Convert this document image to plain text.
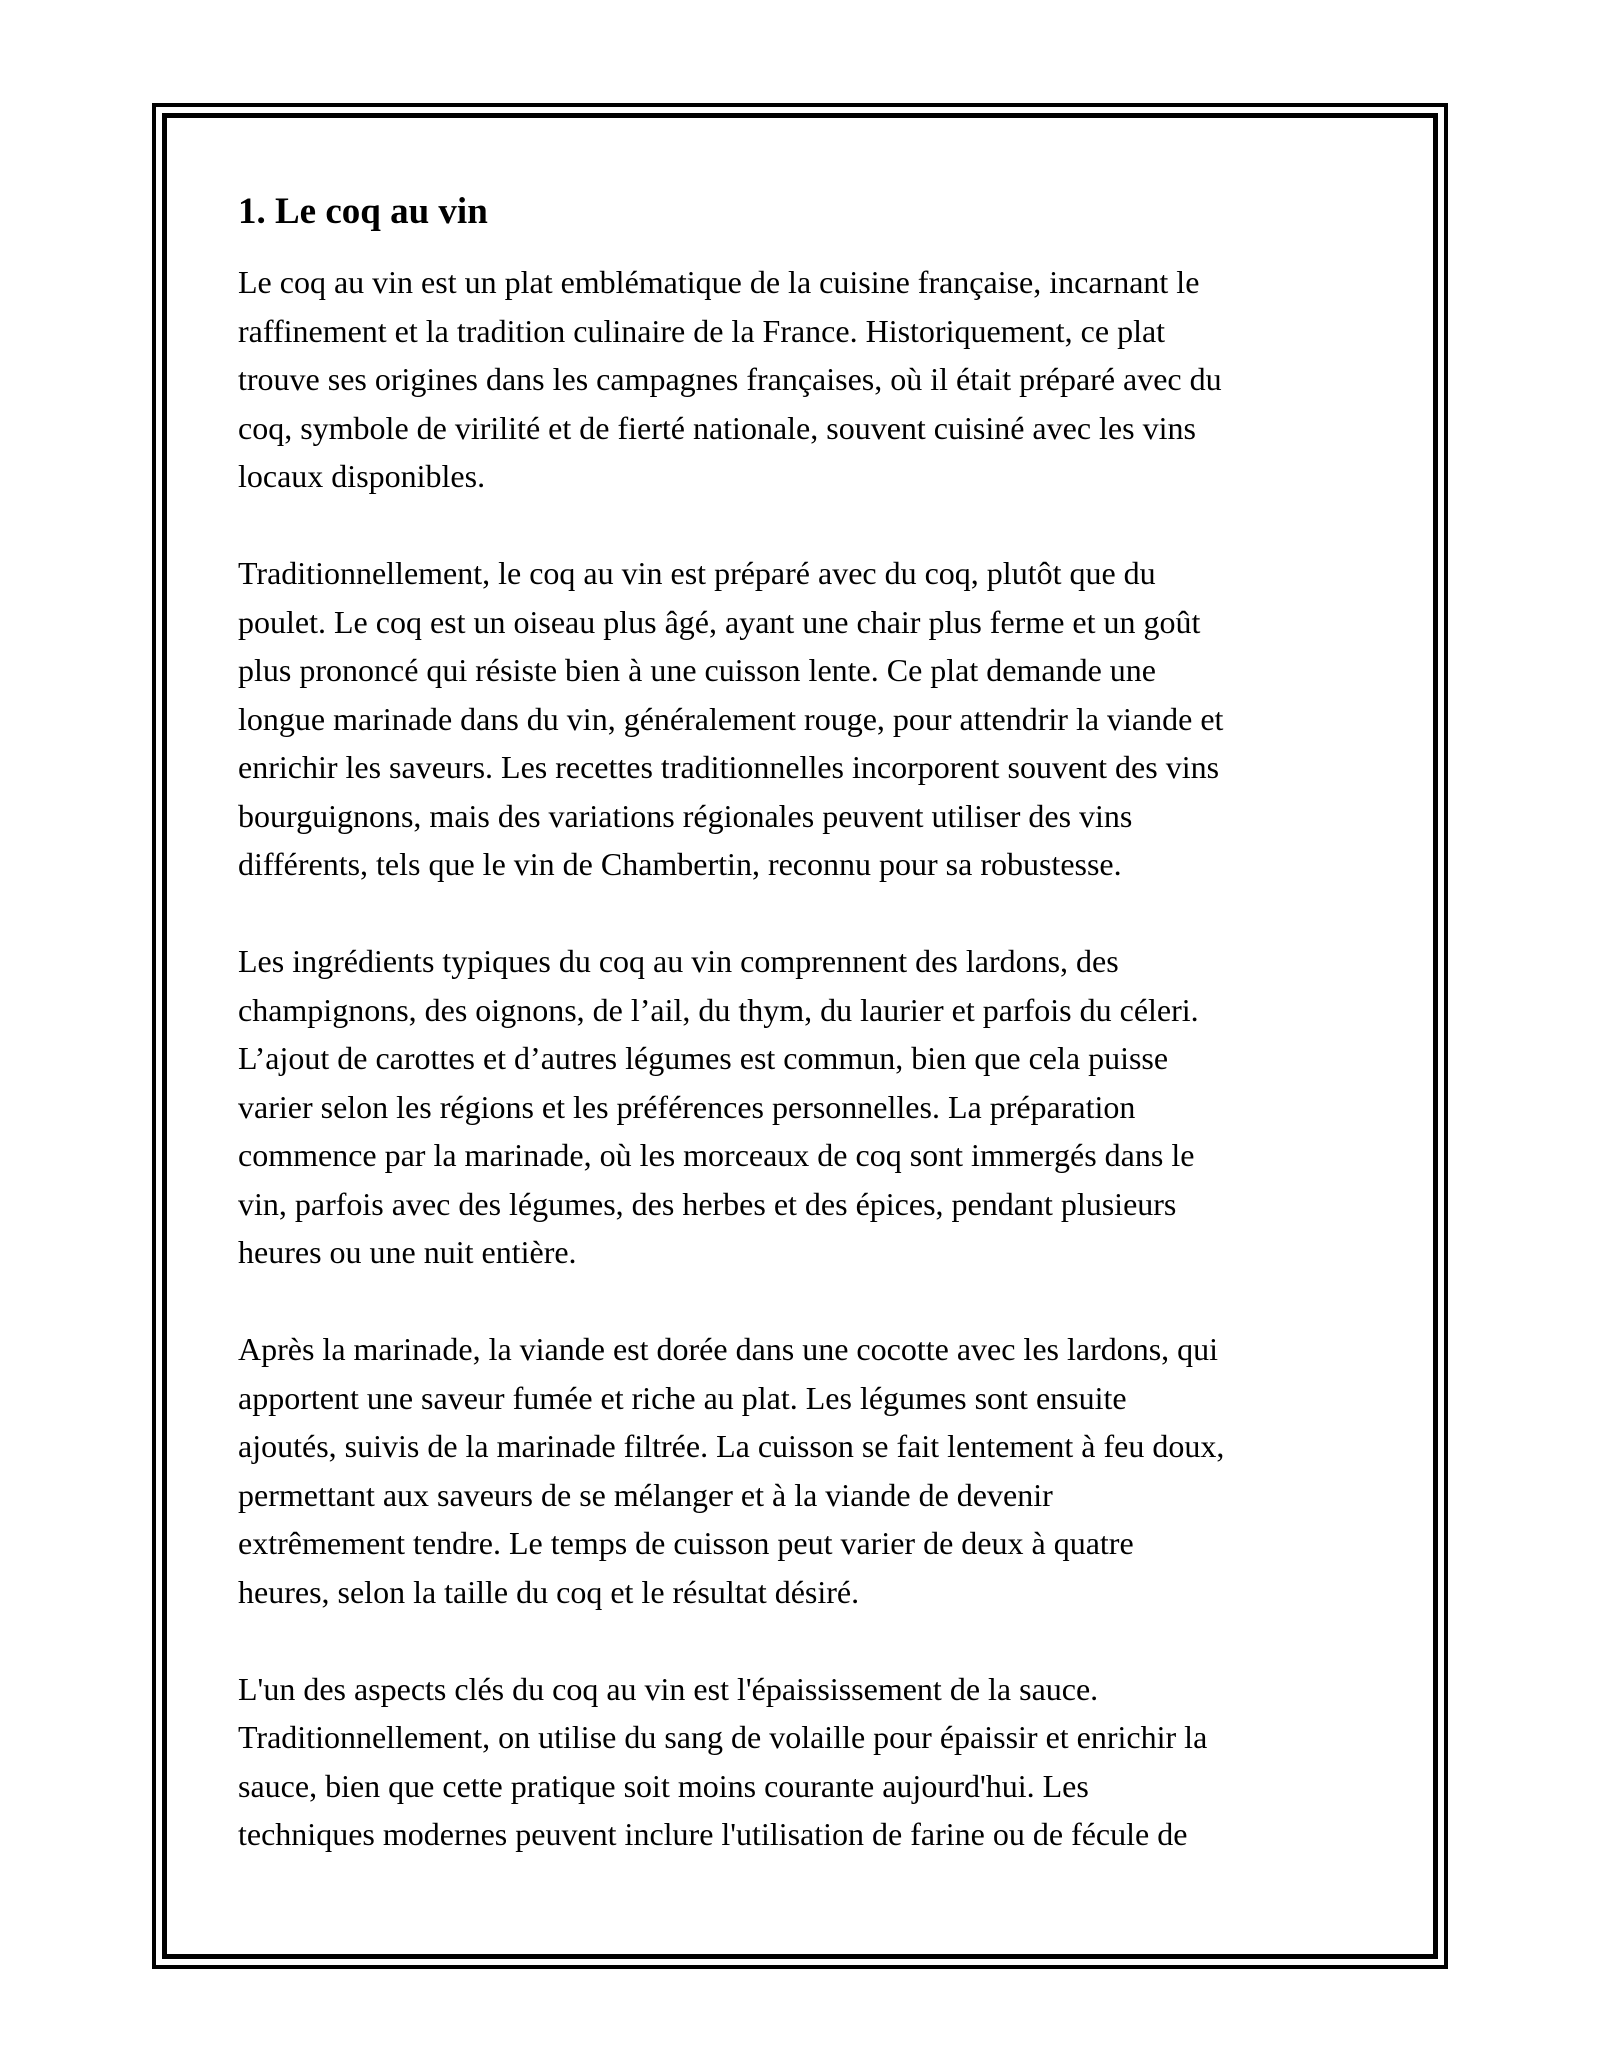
1. Le coq au vin

Le coq au vin est un plat emblématique de la cuisine française, incarnant le
raffinement et la tradition culinaire de la France. Historiquement, ce plat
trouve ses origines dans les campagnes françaises, où il était préparé avec du
coq, symbole de virilité et de fierté nationale, souvent cuisiné avec les vins
locaux disponibles.

Traditionnellement, le coq au vin est préparé avec du coq, plutôt que du
poulet. Le coq est un oiseau plus âgé, ayant une chair plus ferme et un goût
plus prononcé qui résiste bien à une cuisson lente. Ce plat demande une
longue marinade dans du vin, généralement rouge, pour attendrir la viande et
enrichir les saveurs. Les recettes traditionnelles incorporent souvent des vins
bourguignons, mais des variations régionales peuvent utiliser des vins
différents, tels que le vin de Chambertin, reconnu pour sa robustesse.

Les ingrédients typiques du coq au vin comprennent des lardons, des
champignons, des oignons, de l’ail, du thym, du laurier et parfois du céleri.
L’ajout de carottes et d’autres légumes est commun, bien que cela puisse
varier selon les régions et les préférences personnelles. La préparation
commence par la marinade, où les morceaux de coq sont immergés dans le
vin, parfois avec des légumes, des herbes et des épices, pendant plusieurs
heures ou une nuit entière.

Après la marinade, la viande est dorée dans une cocotte avec les lardons, qui
apportent une saveur fumée et riche au plat. Les légumes sont ensuite
ajoutés, suivis de la marinade filtrée. La cuisson se fait lentement à feu doux,
permettant aux saveurs de se mélanger et à la viande de devenir
extrêmement tendre. Le temps de cuisson peut varier de deux à quatre
heures, selon la taille du coq et le résultat désiré.

L'un des aspects clés du coq au vin est l'épaississement de la sauce.
Traditionnellement, on utilise du sang de volaille pour épaissir et enrichir la
sauce, bien que cette pratique soit moins courante aujourd'hui. Les
techniques modernes peuvent inclure l'utilisation de farine ou de fécule de
